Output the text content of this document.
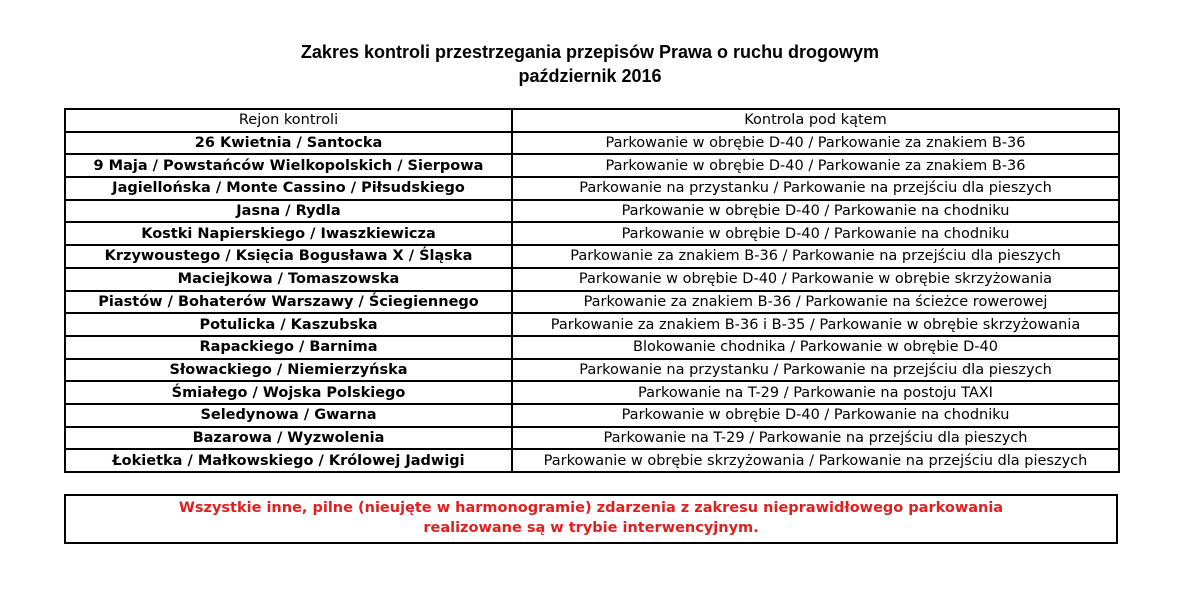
Zakres kontroli przestrzegania przepisów Prawa o ruchu drogowym
październik 2016
Rejon kontroli	Kontrola pod kątem
26 Kwietnia / Santocka	Parkowanie w obrębie D-40 / Parkowanie za znakiem B-36
9 Maja / Powstańców Wielkopolskich / Sierpowa	Parkowanie w obrębie D-40 / Parkowanie za znakiem B-36
Jagiellońska / Monte Cassino / Piłsudskiego	Parkowanie na przystanku / Parkowanie na przejściu dla pieszych
Jasna / Rydla	Parkowanie w obrębie D-40 / Parkowanie na chodniku
Kostki Napierskiego / Iwaszkiewicza	Parkowanie w obrębie D-40 / Parkowanie na chodniku
Krzywoustego / Księcia Bogusława X / Śląska	Parkowanie za znakiem B-36 / Parkowanie na przejściu dla pieszych
Maciejkowa / Tomaszowska	Parkowanie w obrębie D-40 / Parkowanie w obrębie skrzyżowania
Piastów / Bohaterów Warszawy / Ściegiennego	Parkowanie za znakiem B-36 / Parkowanie na ścieżce rowerowej
Potulicka / Kaszubska	Parkowanie za znakiem B-36 i B-35 / Parkowanie w obrębie skrzyżowania
Rapackiego / Barnima	Blokowanie chodnika / Parkowanie w obrębie D-40
Słowackiego / Niemierzyńska	Parkowanie na przystanku / Parkowanie na przejściu dla pieszych
Śmiałego / Wojska Polskiego	Parkowanie na T-29 / Parkowanie na postoju TAXI
Seledynowa / Gwarna	Parkowanie w obrębie D-40 / Parkowanie na chodniku
Bazarowa / Wyzwolenia	Parkowanie na T-29 / Parkowanie na przejściu dla pieszych
Łokietka / Małkowskiego / Królowej Jadwigi	Parkowanie w obrębie skrzyżowania / Parkowanie na przejściu dla pieszych
Wszystkie inne, pilne (nieujęte w harmonogramie) zdarzenia z zakresu nieprawidłowego parkowania
realizowane są w trybie interwencyjnym.
